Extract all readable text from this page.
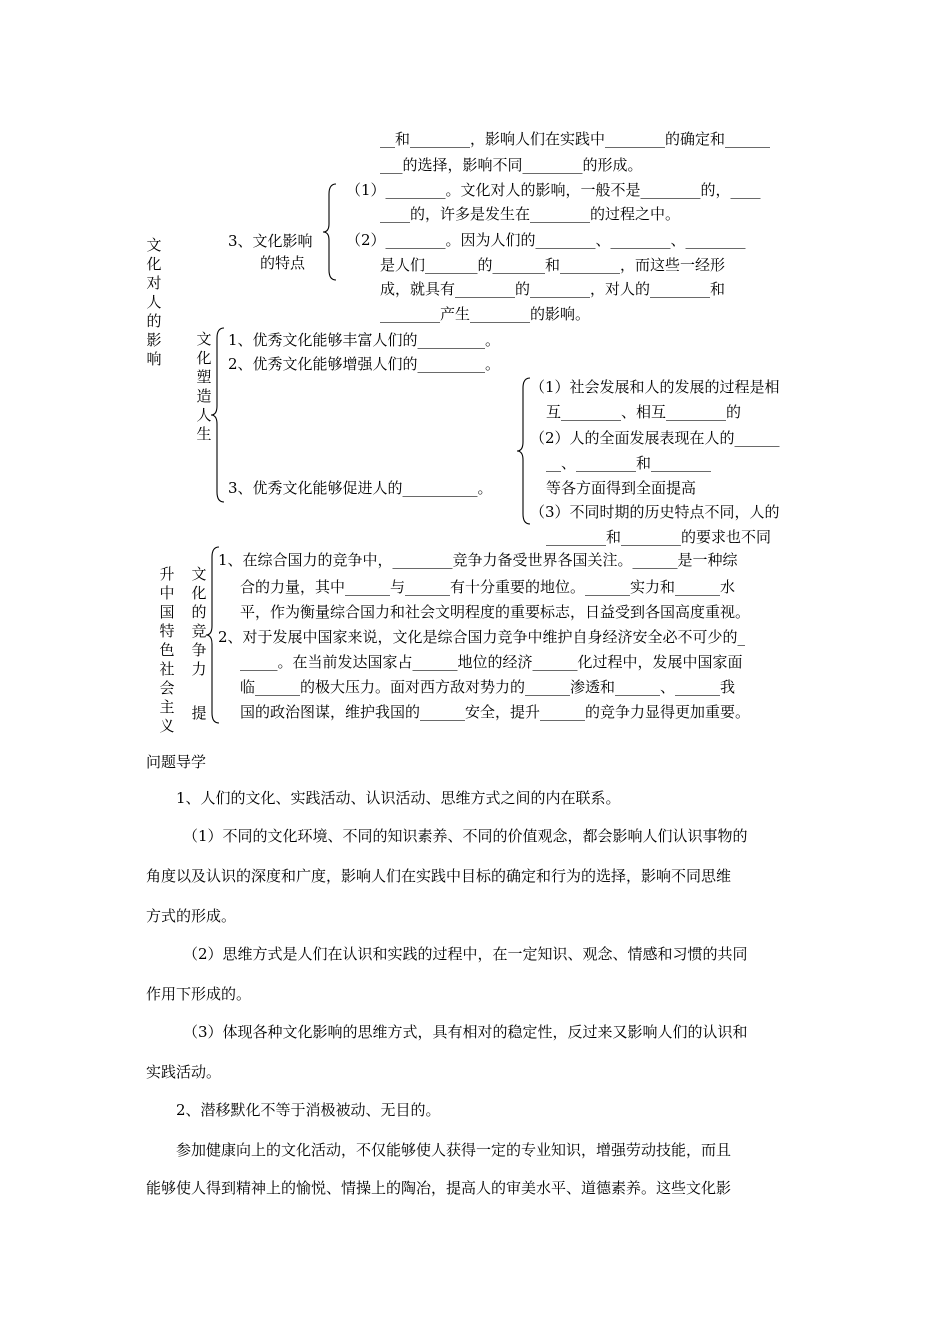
__和________，影响人们在实践中________的确定和______
___的选择，影响不同________的形成。
3、文化影响
的特点
（1）________。文化对人的影响，一般不是________的，____
____的，许多是发生在________的过程之中。
（2）________。因为人们的________、________、________
是人们_______的_______和________，而这些一经形
成，就具有________的________，对人的________和
________产生________的影响。
文化对人的影响
文化塑造人生
1、优秀文化能够丰富人们的_________。
2、优秀文化能够增强人们的_________。
3、优秀文化能够促进人的__________。
（1）社会发展和人的发展的过程是相
互________、相互________的
（2）人的全面发展表现在人的______
__、________和________
等各方面得到全面提高
（3）不同时期的历史特点不同，人的
________和________的要求也不同
升中国特色社会主义
文化的竞争力
提
1、在综合国力的竞争中，________竞争力备受世界各国关注。______是一种综
合的力量，其中______与______有十分重要的地位。______实力和______水
平，作为衡量综合国力和社会文明程度的重要标志，日益受到各国高度重视。
2、对于发展中国家来说，文化是综合国力竞争中维护自身经济安全必不可少的_
_____。在当前发达国家占______地位的经济______化过程中，发展中国家面
临______的极大压力。面对西方敌对势力的______渗透和______、______我
国的政治图谋，维护我国的______安全，提升______的竞争力显得更加重要。
问题导学
1、人们的文化、实践活动、认识活动、思维方式之间的内在联系。
（1）不同的文化环境、不同的知识素养、不同的价值观念，都会影响人们认识事物的
角度以及认识的深度和广度，影响人们在实践中目标的确定和行为的选择，影响不同思维
方式的形成。
（2）思维方式是人们在认识和实践的过程中，在一定知识、观念、情感和习惯的共同
作用下形成的。
（3）体现各种文化影响的思维方式，具有相对的稳定性，反过来又影响人们的认识和
实践活动。
2、潜移默化不等于消极被动、无目的。
参加健康向上的文化活动，不仅能够使人获得一定的专业知识，增强劳动技能，而且
能够使人得到精神上的愉悦、情操上的陶冶，提高人的审美水平、道德素养。这些文化影
